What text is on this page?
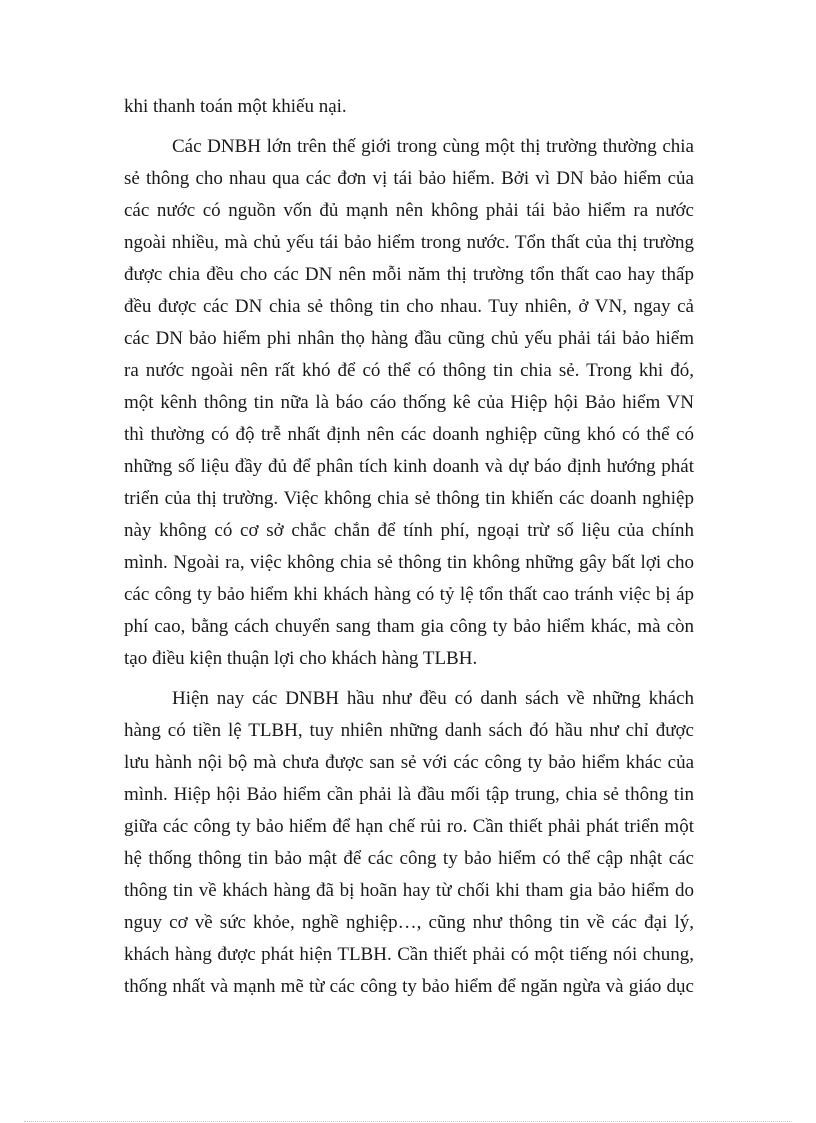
khi thanh toán một khiếu nại.
Các DNBH lớn trên thế giới trong cùng một thị trường thường chia
sẻ thông cho nhau qua các đơn vị tái bảo hiểm. Bởi vì DN bảo hiểm của
các nước có nguồn vốn đủ mạnh nên không phải tái bảo hiểm ra nước
ngoài nhiều, mà chủ yếu tái bảo hiểm trong nước. Tổn thất của thị trường
được chia đều cho các DN nên mỗi năm thị trường tổn thất cao hay thấp
đều được các DN chia sẻ thông tin cho nhau. Tuy nhiên, ở VN, ngay cả
các DN bảo hiểm phi nhân thọ hàng đầu cũng chủ yếu phải tái bảo hiểm
ra nước ngoài nên rất khó để có thể có thông tin chia sẻ. Trong khi đó,
một kênh thông tin nữa là báo cáo thống kê của Hiệp hội Bảo hiểm VN
thì thường có độ trễ nhất định nên các doanh nghiệp cũng khó có thể có
những số liệu đầy đủ để phân tích kinh doanh và dự báo định hướng phát
triển của thị trường. Việc không chia sẻ thông tin khiến các doanh nghiệp
này không có cơ sở chắc chắn để tính phí, ngoại trừ số liệu của chính
mình. Ngoài ra, việc không chia sẻ thông tin không những gây bất lợi cho
các công ty bảo hiểm khi khách hàng có tỷ lệ tổn thất cao tránh việc bị áp
phí cao, bằng cách chuyển sang tham gia công ty bảo hiểm khác, mà còn
tạo điều kiện thuận lợi cho khách hàng TLBH.
Hiện nay các DNBH hầu như đều có danh sách về những khách
hàng có tiền lệ TLBH, tuy nhiên những danh sách đó hầu như chỉ được
lưu hành nội bộ mà chưa được san sẻ với các công ty bảo hiểm khác của
mình. Hiệp hội Bảo hiểm cần phải là đầu mối tập trung, chia sẻ thông tin
giữa các công ty bảo hiểm để hạn chế rủi ro. Cần thiết phải phát triển một
hệ thống thông tin bảo mật để các công ty bảo hiểm có thể cập nhật các
thông tin về khách hàng đã bị hoãn hay từ chối khi tham gia bảo hiểm do
nguy cơ về sức khỏe, nghề nghiệp…, cũng như thông tin về các đại lý,
khách hàng được phát hiện TLBH. Cần thiết phải có một tiếng nói chung,
thống nhất và mạnh mẽ từ các công ty bảo hiểm để ngăn ngừa và giáo dục
